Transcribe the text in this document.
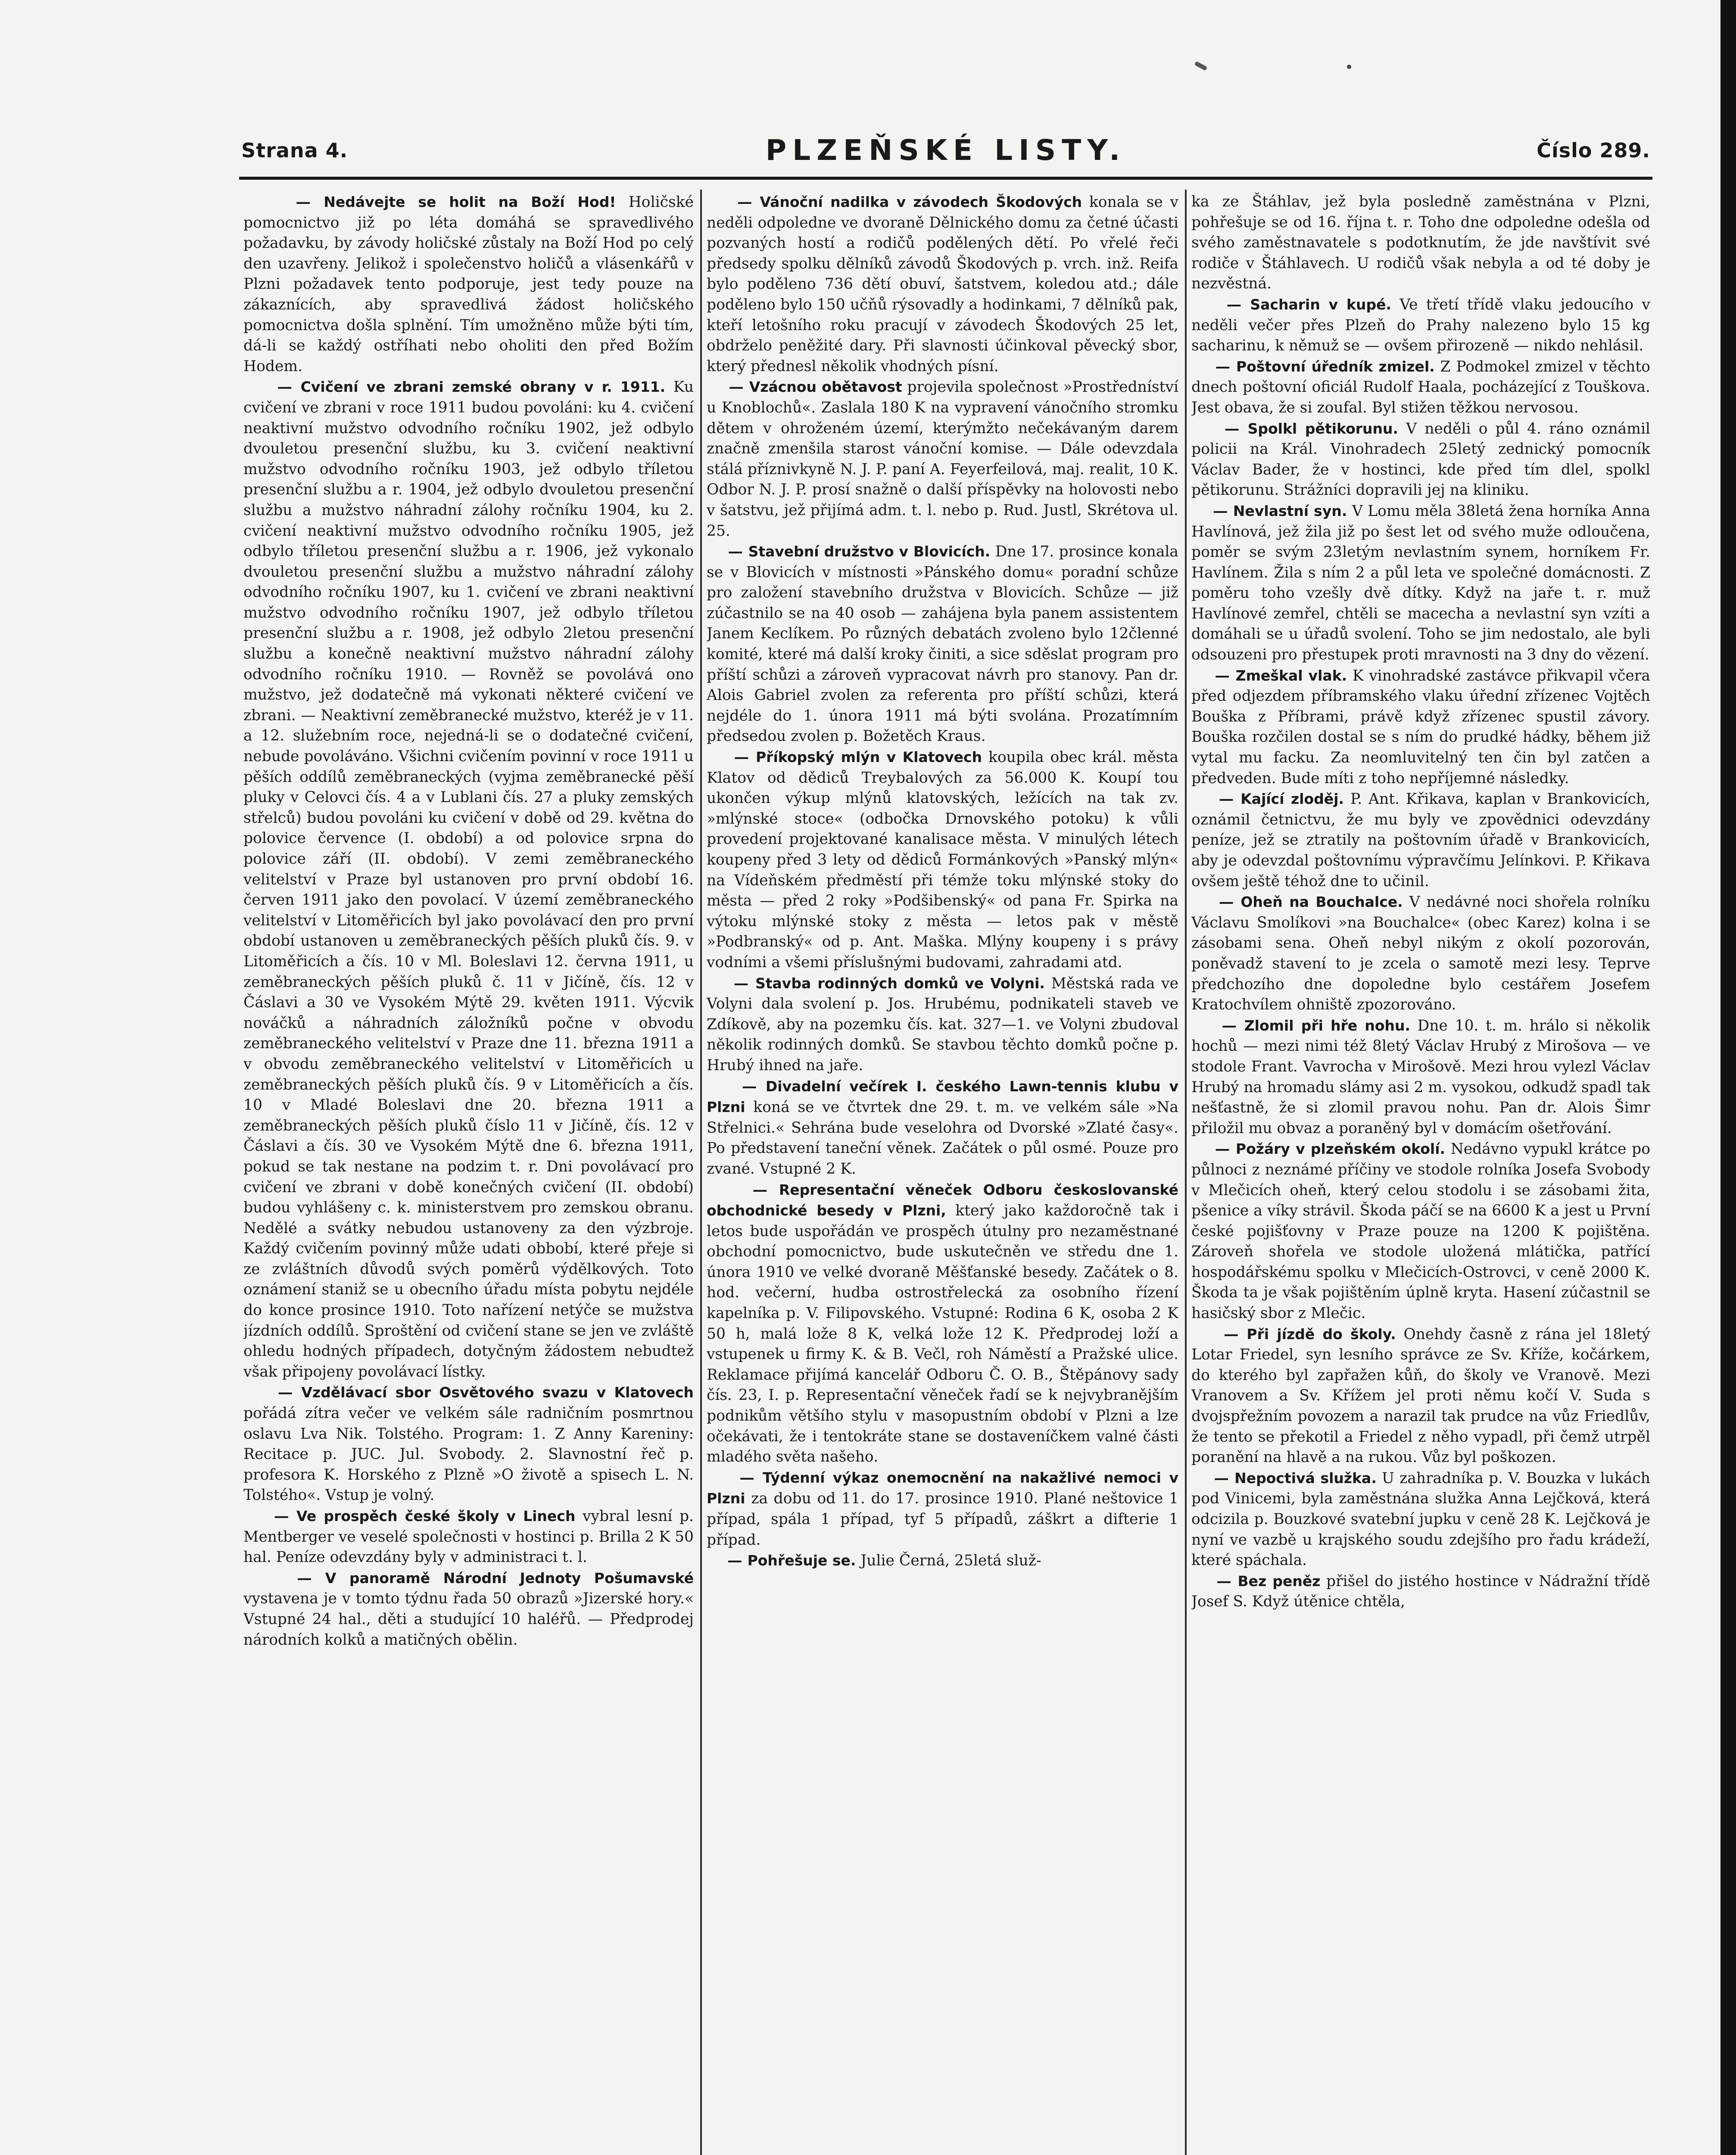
Strana 4.	PLZEŇSKÉ LISTY.	Číslo 289.

— Nedávejte se holit na Boží Hod! Holičské pomocnictvo již po léta domáhá se spravedlivého požadavku, by závody holičské zůstaly na Boží Hod po celý den uzavřeny. Jelikož i společenstvo holičů a vlásenkářů v Plzni požadavek tento podporuje, jest tedy pouze na zákaznících, aby spravedlivá žádost holičského pomocnictva došla splnění. Tím umožněno může býti tím, dá-li se každý ostříhati nebo oholiti den před Božím Hodem.

— Cvičení ve zbrani zemské obrany v r. 1911. Ku cvičení ve zbrani v roce 1911 budou povoláni: ku 4. cvičení neaktivní mužstvo odvodního ročníku 1902, jež odbylo dvouletou presenční službu, ku 3. cvičení neaktivní mužstvo odvodního ročníku 1903, jež odbylo tříletou presenční službu a r. 1904, jež odbylo dvouletou presenční službu a mužstvo náhradní zálohy ročníku 1904, ku 2. cvičení neaktivní mužstvo odvodního ročníku 1905, jež odbylo tříletou presenční službu a r. 1906, jež vykonalo dvouletou presenční službu a mužstvo náhradní zálohy odvodního ročníku 1907, ku 1. cvičení ve zbrani neaktivní mužstvo odvodního ročníku 1907, jež odbylo tříletou presenční službu a r. 1908, jež odbylo 2letou presenční službu a konečně neaktivní mužstvo náhradní zálohy odvodního ročníku 1910. — Rovněž se povolává ono mužstvo, jež dodatečně má vykonati některé cvičení ve zbrani. — Neaktivní zeměbranecké mužstvo, kteréž je v 11. a 12. služebním roce, nejedná-li se o dodatečné cvičení, nebude povoláváno. Všichni cvičením povinní v roce 1911 u pěších oddílů zeměbraneckých (vyjma zeměbranecké pěší pluky v Celovci čís. 4 a v Lublani čís. 27 a pluky zemských střelců) budou povoláni ku cvičení v době od 29. května do polovice července (I. období) a od polovice srpna do polovice září (II. období). V zemi zeměbraneckého velitelství v Praze byl ustanoven pro první období 16. červen 1911 jako den povolací. V území zeměbraneckého velitelství v Litoměřicích byl jako povolávací den pro první období ustanoven u zeměbraneckých pěších pluků čís. 9. v Litoměřicích a čís. 10 v Ml. Boleslavi 12. června 1911, u zeměbraneckých pěších pluků č. 11 v Jičíně, čís. 12 v Čáslavi a 30 ve Vysokém Mýtě 29. květen 1911. Výcvik nováčků a náhradních záložníků počne v obvodu zeměbraneckého velitelství v Praze dne 11. března 1911 a v obvodu zeměbraneckého velitelství v Litoměřicích u zeměbraneckých pěších pluků čís. 9 v Litoměřicích a čís. 10 v Mladé Boleslavi dne 20. března 1911 a zeměbraneckých pěších pluků číslo 11 v Jičíně, čís. 12 v Čáslavi a čís. 30 ve Vysokém Mýtě dne 6. března 1911, pokud se tak nestane na podzim t. r. Dni povolávací pro cvičení ve zbrani v době konečných cvičení (II. období) budou vyhlášeny c. k. ministerstvem pro zemskou obranu. Nedělé a svátky nebudou ustanoveny za den výzbroje. Každý cvičením povinný může udati obbobí, které přeje si ze zvláštních důvodů svých poměrů výdělkových. Toto oznámení staniž se u obecního úřadu místa pobytu nejdéle do konce prosince 1910. Toto nařízení netýče se mužstva jízdních oddílů. Sproštění od cvičení stane se jen ve zvláště ohledu hodných případech, dotyčným žádostem nebudtež však připojeny povolávací lístky.

— Vzdělávací sbor Osvětového svazu v Klatovech pořádá zítra večer ve velkém sále radničním posmrtnou oslavu Lva Nik. Tolstého. Program: 1. Z Anny Kareniny: Recitace p. JUC. Jul. Svobody. 2. Slavnostní řeč p. profesora K. Horského z Plzně »O životě a spisech L. N. Tolstého«. Vstup je volný.

— Ve prospěch české školy v Linech vybral lesní p. Mentberger ve veselé společnosti v hostinci p. Brilla 2 K 50 hal. Peníze odevzdány byly v administraci t. l.

— V panoramě Národní Jednoty Pošumavské vystavena je v tomto týdnu řada 50 obrazů »Jizerské hory.« Vstupné 24 hal., děti a studující 10 haléřů. — Předprodej národních kolků a matičných obělin.

— Vánoční nadilka v závodech Škodových konala se v neděli odpoledne ve dvoraně Dělnického domu za četné účasti pozvaných hostí a rodičů podělených dětí. Po vřelé řeči předsedy spolku dělníků závodů Škodových p. vrch. inž. Reifa bylo poděleno 736 dětí obuví, šatstvem, koledou atd.; dále poděleno bylo 150 učňů rýsovadly a hodinkami, 7 dělníků pak, kteří letošního roku pracují v závodech Škodových 25 let, obdrželo peněžité dary. Při slavnosti účinkoval pěvecký sbor, který přednesl několik vhodných písní.

— Vzácnou obětavost projevila společnost »Prostředníství u Knoblochů«. Zaslala 180 K na vypravení vánočního stromku dětem v ohroženém území, kterýmžto nečekávaným darem značně zmenšila starost vánoční komise. — Dále odevzdala stálá příznivkyně N. J. P. paní A. Feyerfeilová, maj. realit, 10 K. Odbor N. J. P. prosí snažně o další příspěvky na holovosti nebo v šatstvu, jež přijímá adm. t. l. nebo p. Rud. Justl, Skrétova ul. 25.

— Stavební družstvo v Blovicích. Dne 17. prosince konala se v Blovicích v místnosti »Pánského domu« poradní schůze pro založení stavebního družstva v Blovicích. Schůze — již zúčastnilo se na 40 osob — zahájena byla panem assistentem Janem Keclíkem. Po různých debatách zvoleno bylo 12členné komité, které má další kroky činiti, a sice sděslat program pro příští schůzi a zároveň vypracovat návrh pro stanovy. Pan dr. Alois Gabriel zvolen za referenta pro příští schůzi, která nejdéle do 1. února 1911 má býti svolána. Prozatímním předsedou zvolen p. Božetěch Kraus.

— Příkopský mlýn v Klatovech koupila obec král. města Klatov od dědiců Treybalových za 56.000 K. Koupí tou ukončen výkup mlýnů klatovských, ležících na tak zv. »mlýnské stoce« (odbočka Drnovského potoku) k vůli provedení projektované kanalisace města. V minulých létech koupeny před 3 lety od dědiců Formánkových »Panský mlýn« na Vídeňském předměstí při témže toku mlýnské stoky do města — před 2 roky »Podšibenský« od pana Fr. Spirka na výtoku mlýnské stoky z města — letos pak v městě »Podbranský« od p. Ant. Maška. Mlýny koupeny i s právy vodními a všemi příslušnými budovami, zahradami atd.

— Stavba rodinných domků ve Volyni. Městská rada ve Volyni dala svolení p. Jos. Hrubému, podnikateli staveb ve Zdíkově, aby na pozemku čís. kat. 327—1. ve Volyni zbudoval několik rodinných domků. Se stavbou těchto domků počne p. Hrubý ihned na jaře.

— Divadelní večírek I. českého Lawn-tennis klubu v Plzni koná se ve čtvrtek dne 29. t. m. ve velkém sále »Na Střelnici.« Sehrána bude veselohra od Dvorské »Zlaté časy«. Po představení taneční věnek. Začátek o půl osmé. Pouze pro zvané. Vstupné 2 K.

— Representační věneček Odboru českoslovanské obchodnické besedy v Plzni, který jako každoročně tak i letos bude uspořádán ve prospěch útulny pro nezaměstnané obchodní pomocnictvo, bude uskutečněn ve středu dne 1. února 1910 ve velké dvoraně Měšťanské besedy. Začátek o 8. hod. večerní, hudba ostrostřelecká za osobního řízení kapelníka p. V. Filipovského. Vstupné: Rodina 6 K, osoba 2 K 50 h, malá lože 8 K, velká lože 12 K. Předprodej loží a vstupenek u firmy K. & B. Večl, roh Náměstí a Pražské ulice. Reklamace přijímá kancelář Odboru Č. O. B., Štěpánovy sady čís. 23, I. p. Representační věneček řadí se k nejvybranějším podnikům většího stylu v masopustním období v Plzni a lze očekávati, že i tentokráte stane se dostaveníčkem valné části mladého světa našeho.

— Týdenní výkaz onemocnění na nakažlivé nemoci v Plzni za dobu od 11. do 17. prosince 1910. Plané neštovice 1 případ, spála 1 případ, tyf 5 případů, záškrt a difterie 1 případ.

— Pohřešuje se. Julie Černá, 25letá služ-

ka ze Štáhlav, jež byla posledně zaměstnána v Plzni, pohřešuje se od 16. října t. r. Toho dne odpoledne odešla od svého zaměstnavatele s podotknutím, že jde navštívit své rodiče v Štáhlavech. U rodičů však nebyla a od té doby je nezvěstná.

— Sacharin v kupé. Ve třetí třídě vlaku jedoucího v neděli večer přes Plzeň do Prahy nalezeno bylo 15 kg sacharinu, k němuž se — ovšem přirozeně — nikdo nehlásil.

— Poštovní úředník zmizel. Z Podmokel zmizel v těchto dnech poštovní oficiál Rudolf Haala, pocházející z Touškova. Jest obava, že si zoufal. Byl stižen těžkou nervosou.

— Spolkl pětikorunu. V neděli o půl 4. ráno oznámil policii na Král. Vinohradech 25letý zednický pomocník Václav Bader, že v hostinci, kde před tím dlel, spolkl pětikorunu. Strážníci dopravili jej na kliniku.

— Nevlastní syn. V Lomu měla 38letá žena horníka Anna Havlínová, jež žila již po šest let od svého muže odloučena, poměr se svým 23letým nevlastním synem, horníkem Fr. Havlínem. Žila s ním 2 a půl leta ve společné domácnosti. Z poměru toho vzešly dvě dítky. Když na jaře t. r. muž Havlínové zemřel, chtěli se macecha a nevlastní syn vzíti a domáhali se u úřadů svolení. Toho se jim nedostalo, ale byli odsouzeni pro přestupek proti mravnosti na 3 dny do vězení.

— Zmeškal vlak. K vinohradské zastávce přikvapil včera před odjezdem příbramského vlaku úřední zřízenec Vojtěch Bouška z Příbrami, právě když zřízenec spustil závory. Bouška rozčilen dostal se s ním do prudké hádky, během již vytal mu facku. Za neomluvitelný ten čin byl zatčen a předveden. Bude míti z toho nepříjemné následky.

— Kající zloděj. P. Ant. Křikava, kaplan v Brankovicích, oznámil četnictvu, že mu byly ve zpovědnici odevzdány peníze, jež se ztratily na poštovním úřadě v Brankovicích, aby je odevzdal poštovnímu výpravčímu Jelínkovi. P. Křikava ovšem ještě téhož dne to učinil.

— Oheň na Bouchalce. V nedávné noci shořela rolníku Václavu Smolíkovi »na Bouchalce« (obec Karez) kolna i se zásobami sena. Oheň nebyl nikým z okolí pozorován, poněvadž stavení to je zcela o samotě mezi lesy. Teprve předchozího dne dopoledne bylo cestářem Josefem Kratochvílem ohniště zpozorováno.

— Zlomil při hře nohu. Dne 10. t. m. hrálo si několik hochů — mezi nimi též 8letý Václav Hrubý z Mirošova — ve stodole Frant. Vavrocha v Mirošově. Mezi hrou vylezl Václav Hrubý na hromadu slámy asi 2 m. vysokou, odkudž spadl tak nešťastně, že si zlomil pravou nohu. Pan dr. Alois Šimr přiložil mu obvaz a poraněný byl v domácím ošetřování.

— Požáry v plzeňském okolí. Nedávno vypukl krátce po půlnoci z neznámé příčiny ve stodole rolníka Josefa Svobody v Mlečicích oheň, který celou stodolu i se zásobami žita, pšenice a víky strávil. Škoda páčí se na 6600 K a jest u První české pojišťovny v Praze pouze na 1200 K pojištěna. Zároveň shořela ve stodole uložená mlátička, patřící hospodářskému spolku v Mlečicích-Ostrovci, v ceně 2000 K. Škoda ta je však pojištěním úplně kryta. Hasení zúčastnil se hasičský sbor z Mlečic.

— Při jízdě do školy. Onehdy časně z rána jel 18letý Lotar Friedel, syn lesního správce ze Sv. Kříže, kočárkem, do kterého byl zapřažen kůň, do školy ve Vranově. Mezi Vranovem a Sv. Křížem jel proti němu kočí V. Suda s dvojspřežním povozem a narazil tak prudce na vůz Friedlův, že tento se překotil a Friedel z něho vypadl, při čemž utrpěl poranění na hlavě a na rukou. Vůz byl poškozen.

— Nepoctivá služka. U zahradníka p. V. Bouzka v lukách pod Vinicemi, byla zaměstnána služka Anna Lejčková, která odcizila p. Bouzkové svatební jupku v ceně 28 K. Lejčková je nyní ve vazbě u krajského soudu zdejšího pro řadu krádeží, které spáchala.

— Bez peněz přišel do jistého hostince v Nádražní třídě Josef S. Když útěnice chtěla,
